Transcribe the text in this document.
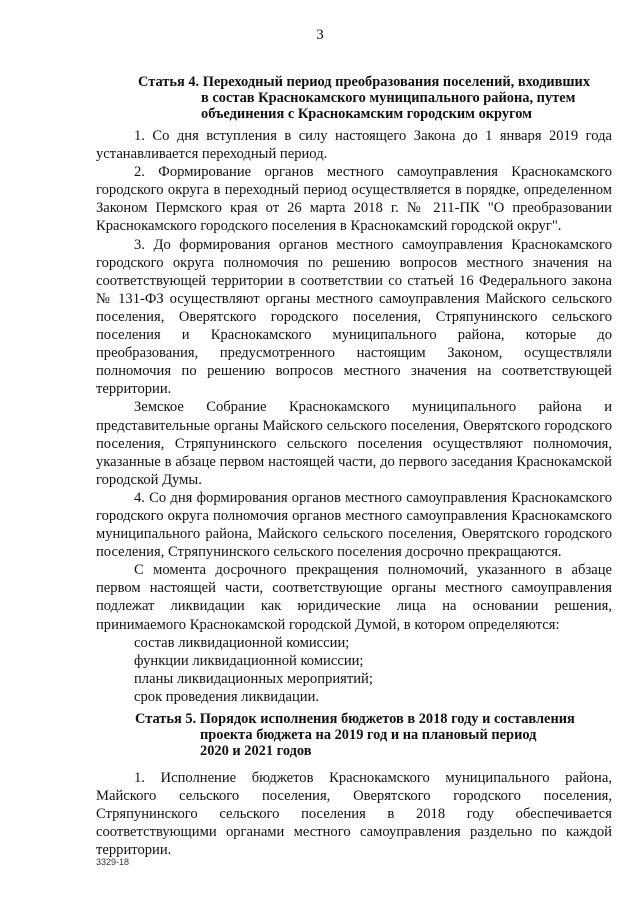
3
Статья 4. Переходный период преобразования поселений, входивших
в состав Краснокамского муниципального района, путем
объединения с Краснокамским городским округом

1. Со дня вступления в силу настоящего Закона до 1 января 2019 года устанавливается переходный период.

2. Формирование органов местного самоуправления Краснокамского городского округа в переходный период осуществляется в порядке, определенном Законом Пермского края от 26 марта 2018 г. № 211-ПК "О преобразовании Краснокамского городского поселения в Краснокамский городской округ".

3. До формирования органов местного самоуправления Краснокамского городского округа полномочия по решению вопросов местного значения на соответствующей территории в соответствии со статьей 16 Федерального закона № 131-ФЗ осуществляют органы местного самоуправления Майского сельского поселения, Оверятского городского поселения, Стряпунинского сельского поселения и Краснокамского муниципального района, которые до преобразования, предусмотренного настоящим Законом, осуществляли полномочия по решению вопросов местного значения на соответствующей территории.

Земское Собрание Краснокамского муниципального района и представительные органы Майского сельского поселения, Оверятского городского поселения, Стряпунинского сельского поселения осуществляют полномочия, указанные в абзаце первом настоящей части, до первого заседания Краснокамской городской Думы.

4. Со дня формирования органов местного самоуправления Краснокамского городского округа полномочия органов местного самоуправления Краснокамского муниципального района, Майского сельского поселения, Оверятского городского поселения, Стряпунинского сельского поселения досрочно прекращаются.

С момента досрочного прекращения полномочий, указанного в абзаце первом настоящей части, соответствующие органы местного самоуправления подлежат ликвидации как юридические лица на основании решения, принимаемого Краснокамской городской Думой, в котором определяются:

состав ликвидационной комиссии;
функции ликвидационной комиссии;
планы ликвидационных мероприятий;
срок проведения ликвидации.
Статья 5. Порядок исполнения бюджетов в 2018 году и составления
проекта бюджета на 2019 год и на плановый период
2020 и 2021 годов

1. Исполнение бюджетов Краснокамского муниципального района, Майского сельского поселения, Оверятского городского поселения, Стряпунинского сельского поселения в 2018 году обеспечивается соответствующими органами местного самоуправления раздельно по каждой территории.

3329-18
